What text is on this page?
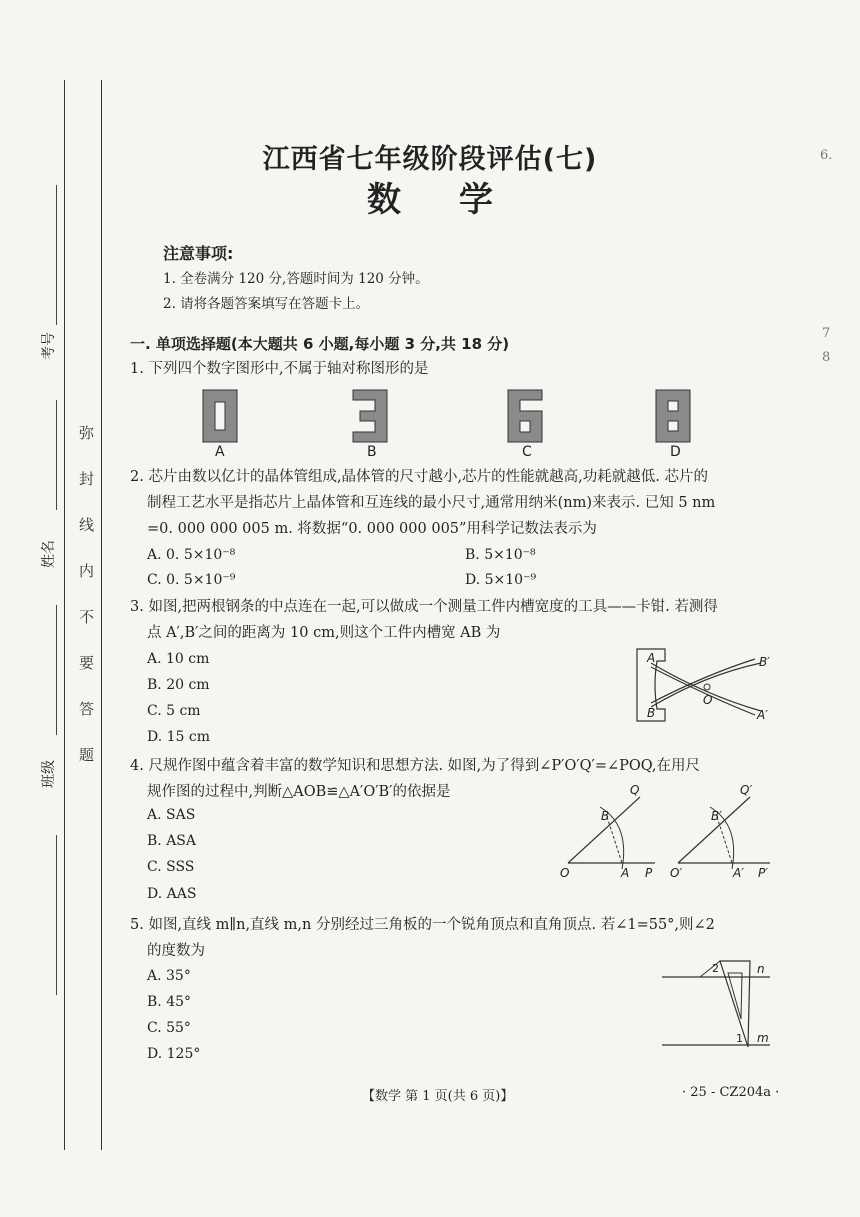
弥封线内不要答题
考号
姓名
班级
江西省七年级阶段评估(七)
数学
注意事项:
1. 全卷满分 120 分,答题时间为 120 分钟。
2. 请将各题答案填写在答题卡上。
一. 单项选择题(本大题共 6 小题,每小题 3 分,共 18 分)
1. 下列四个数字图形中,不属于轴对称图形的是
A	B	C	D
2. 芯片由数以亿计的晶体管组成,晶体管的尺寸越小,芯片的性能就越高,功耗就越低. 芯片的
制程工艺水平是指芯片上晶体管和互连线的最小尺寸,通常用纳米(nm)来表示. 已知 5 nm
=0. 000 000 005 m. 将数据“0. 000 000 005”用科学记数法表示为
A. 0. 5×10⁻⁸	B. 5×10⁻⁸
C. 0. 5×10⁻⁹	D. 5×10⁻⁹
3. 如图,把两根钢条的中点连在一起,可以做成一个测量工件内槽宽度的工具——卡钳. 若测得
点 A′,B′之间的距离为 10 cm,则这个工件内槽宽 AB 为
A. 10 cm
B. 20 cm
C. 5 cm
D. 15 cm
A
B
B′
A′
O
4. 尺规作图中蕴含着丰富的数学知识和思想方法. 如图,为了得到∠P′O′Q′=∠POQ,在用尺
规作图的过程中,判断△AOB≌△A′O′B′的依据是
A. SAS
B. ASA
C. SSS
D. AAS
Q
B
O	A P
Q′
B′
O′	A′ P′
5. 如图,直线 m∥n,直线 m,n 分别经过三角板的一个锐角顶点和直角顶点. 若∠1=55°,则∠2
的度数为
A. 35°
B. 45°
C. 55°
D. 125°
n
m
2
1
【数学 第 1 页(共 6 页)】	· 25 - CZ204a ·
6.
7
8
